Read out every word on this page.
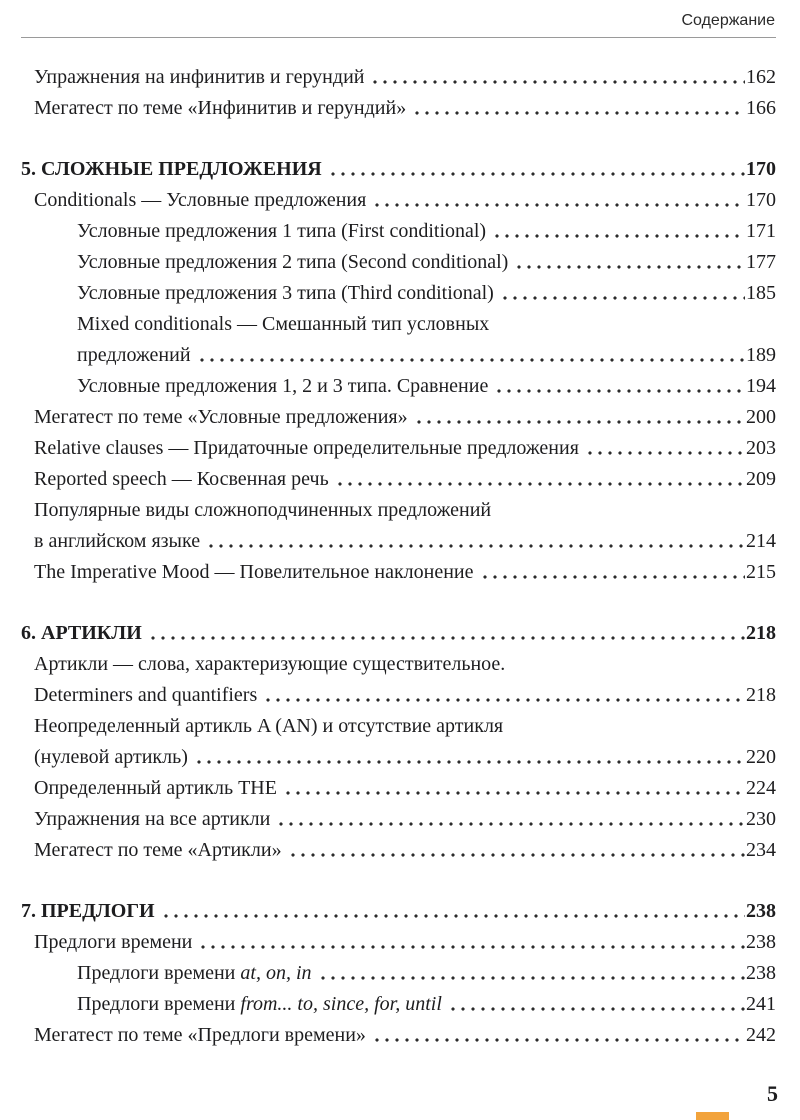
Содержание
Упражнения на инфинитив и герундий	162
Мегатест по теме «Инфинитив и герундий»	166
5. СЛОЖНЫЕ ПРЕДЛОЖЕНИЯ	170
Conditionals — Условные предложения	170
Условные предложения 1 типа (First conditional)	171
Условные предложения 2 типа (Second conditional)	177
Условные предложения 3 типа (Third conditional)	185
Mixed conditionals — Смешанный тип условных
предложений	189
Условные предложения 1, 2 и 3 типа. Сравнение	194
Мегатест по теме «Условные предложения»	200
Relative clauses — Придаточные определительные предложения	203
Reported speech — Косвенная речь	209
Популярные виды сложноподчиненных предложений
в английском языке	214
The Imperative Mood — Повелительное наклонение	215
6. АРТИКЛИ	218
Артикли — слова, характеризующие существительное.
Determiners and quantifiers	218
Неопределенный артикль A (AN) и отсутствие артикля
(нулевой артикль)	220
Определенный артикль THE	224
Упражнения на все артикли	230
Мегатест по теме «Артикли»	234
7. ПРЕДЛОГИ	238
Предлоги времени	238
Предлоги времени at, on, in	238
Предлоги времени from... to, since, for, until	241
Мегатест по теме «Предлоги времени»	242
5
